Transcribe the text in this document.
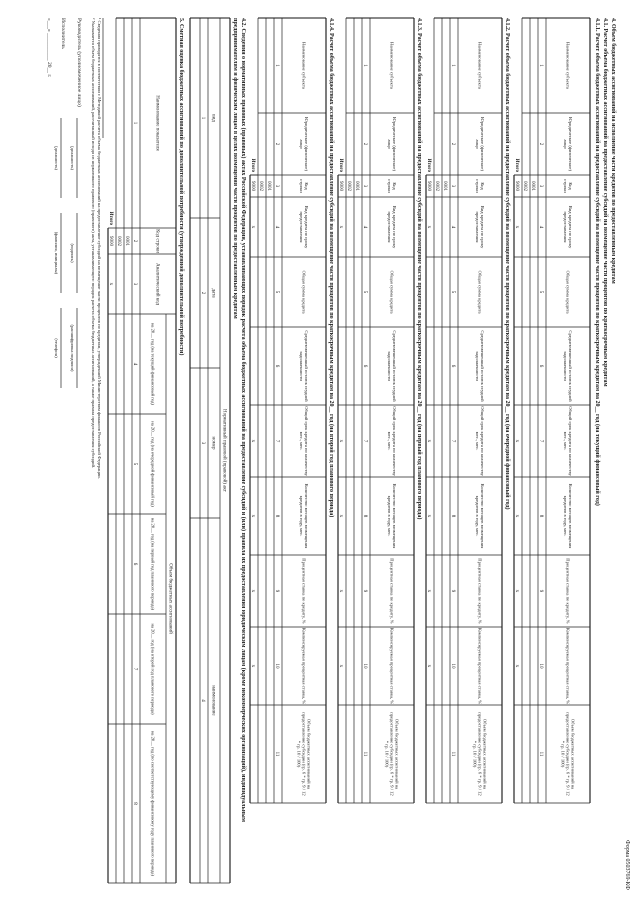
Форма 0503769-КФ
4. Объем бюджетных ассигнований на исполнение части кредитов по предоставленным кредитам
4.1. Расчет объема бюджетных ассигнований на предоставление субсидий на возмещение части процентов по краткосрочным кредитам
4.1.1. Расчет объема бюджетных ассигнований на предоставление субсидий на возмещение части процентов по краткосрочным кредитам на 20__ год (на текущий финансовый год)
Наименование субъекта
Юридическое (физическое)лицо
Кодстроки
Вид кредита по срокупредоставления
Общая сумма кредита
Средневзвешенный остаток ссуднойзадолженности
Общий срок кредита по количествумес., мес.
Количество месяцев возмещениякредитов в году, мес.
Процентная ставка по кредиту, %
Компенсируемая процентная ставка, %
Объем бюджетных ассигнований напредоставление субсидии (гр. 6 * гр. 9 / 12* гр. 10 / 100)
1
2
3
4
5
6
7
8
9
10
11
0001
0002
Итого
9000
x
x
x
x
x
4.1.2. Расчет объема бюджетных ассигнований на предоставление субсидий на возмещение части процентов по краткосрочным кредитам на 20__ год (на очередной финансовый год)
Наименование субъекта
Юридическое (физическое)лицо
Кодстроки
Вид кредита по срокупредоставления
Общая сумма кредита
Средневзвешенный остаток ссуднойзадолженности
Общий срок кредита по количествумес., мес.
Количество месяцев возмещениякредитов в году, мес.
Процентная ставка по кредиту, %
Компенсируемая процентная ставка, %
Объем бюджетных ассигнований напредоставление субсидии (гр. 6 * гр. 9 / 12* гр. 10 / 100)
1
2
3
4
5
6
7
8
9
10
11
0001
0002
Итого
9000
x
x
x
x
x
4.1.3. Расчет объема бюджетных ассигнований на предоставление субсидий на возмещение части процентов по краткосрочным кредитам на 20__ год (на первый год планового периода)
Наименование субъекта
Юридическое (физическое)лицо
Кодстроки
Вид кредита по срокупредоставления
Общая сумма кредита
Средневзвешенный остаток ссуднойзадолженности
Общий срок кредита по количествумес., мес.
Количество месяцев возмещениякредитов в году, мес.
Процентная ставка по кредиту, %
Компенсируемая процентная ставка, %
Объем бюджетных ассигнований напредоставление субсидии (гр. 6 * гр. 9 / 12* гр. 10 / 100)
1
2
3
4
5
6
7
8
9
10
11
0001
0002
Итого
9000
x
x
x
x
x
4.1.4. Расчет объема бюджетных ассигнований на предоставление субсидий на возмещение части процентов по краткосрочным кредитам на 20__ год (на второй год планового периода)
Наименование субъекта
Юридическое (физическое)лицо
Кодстроки
Вид кредита по срокупредоставления
Общая сумма кредита
Средневзвешенный остаток ссуднойзадолженности
Общий срок кредита по количествумес., мес.
Количество месяцев возмещениякредитов в году, мес.
Процентная ставка по кредиту, %
Компенсируемая процентная ставка, %
Объем бюджетных ассигнований напредоставление субсидии (гр. 6 * гр. 9 / 12* гр. 10 / 100)
1
2
3
4
5
6
7
8
9
10
11
0001
0002
Итого
9000
x
x
x
x
x
4.2. Сведения о нормативных правовых (правовых) актах Российской Федерации, устанавливающих порядок расчета объема бюджетных ассигнований на предоставление субсидий и (или) правила их предоставления юридическим лицам (кроме некоммерческих организаций), индивидуальным
предпринимателям и физическим лицам в целях возмещения части процентов по предоставленным кредитам
Нормативный правовой (правовой) акт
вид
дата
номер
наименование
1
2
3
4
5. Сметная оценка бюджетных ассигнований по дополнительной потребности (утвержденной дополнительной потребности)
Наименование показателя
Код строки
Аналитический код
Объем бюджетных ассигнований
на 20__ год (на текущий финансовый год)
на 20__ год (на очередной финансовый год)
на 20__ год (на первый год планового периода)
на 20__ год (на второй год планового периода)
на 20__ год (по соответствующему финансовому году планового периода)
1
2
3
4
5
6
7
8
0001
0002
Итого
9000
x
¹ Сведения приводятся в соответствии с Методикой расчета объема бюджетных ассигнований на предоставление субсидий на возмещение части процентов по кредитам, утвержденной Министерством финансов Российской Федерации.
² Указывается объем бюджетных ассигнований, рассчитанный исходя из нормативного правового (правового) акта, устанавливающего порядок расчета объема бюджетных ассигнований, а также правила предоставления субсидий.
Руководитель (уполномоченное лицо)
(должность)
(подпись)
(расшифровка подписи)
Исполнитель
(должность)
(фамилия, инициалы)
(телефон)
«___» __________ 20__ г.
